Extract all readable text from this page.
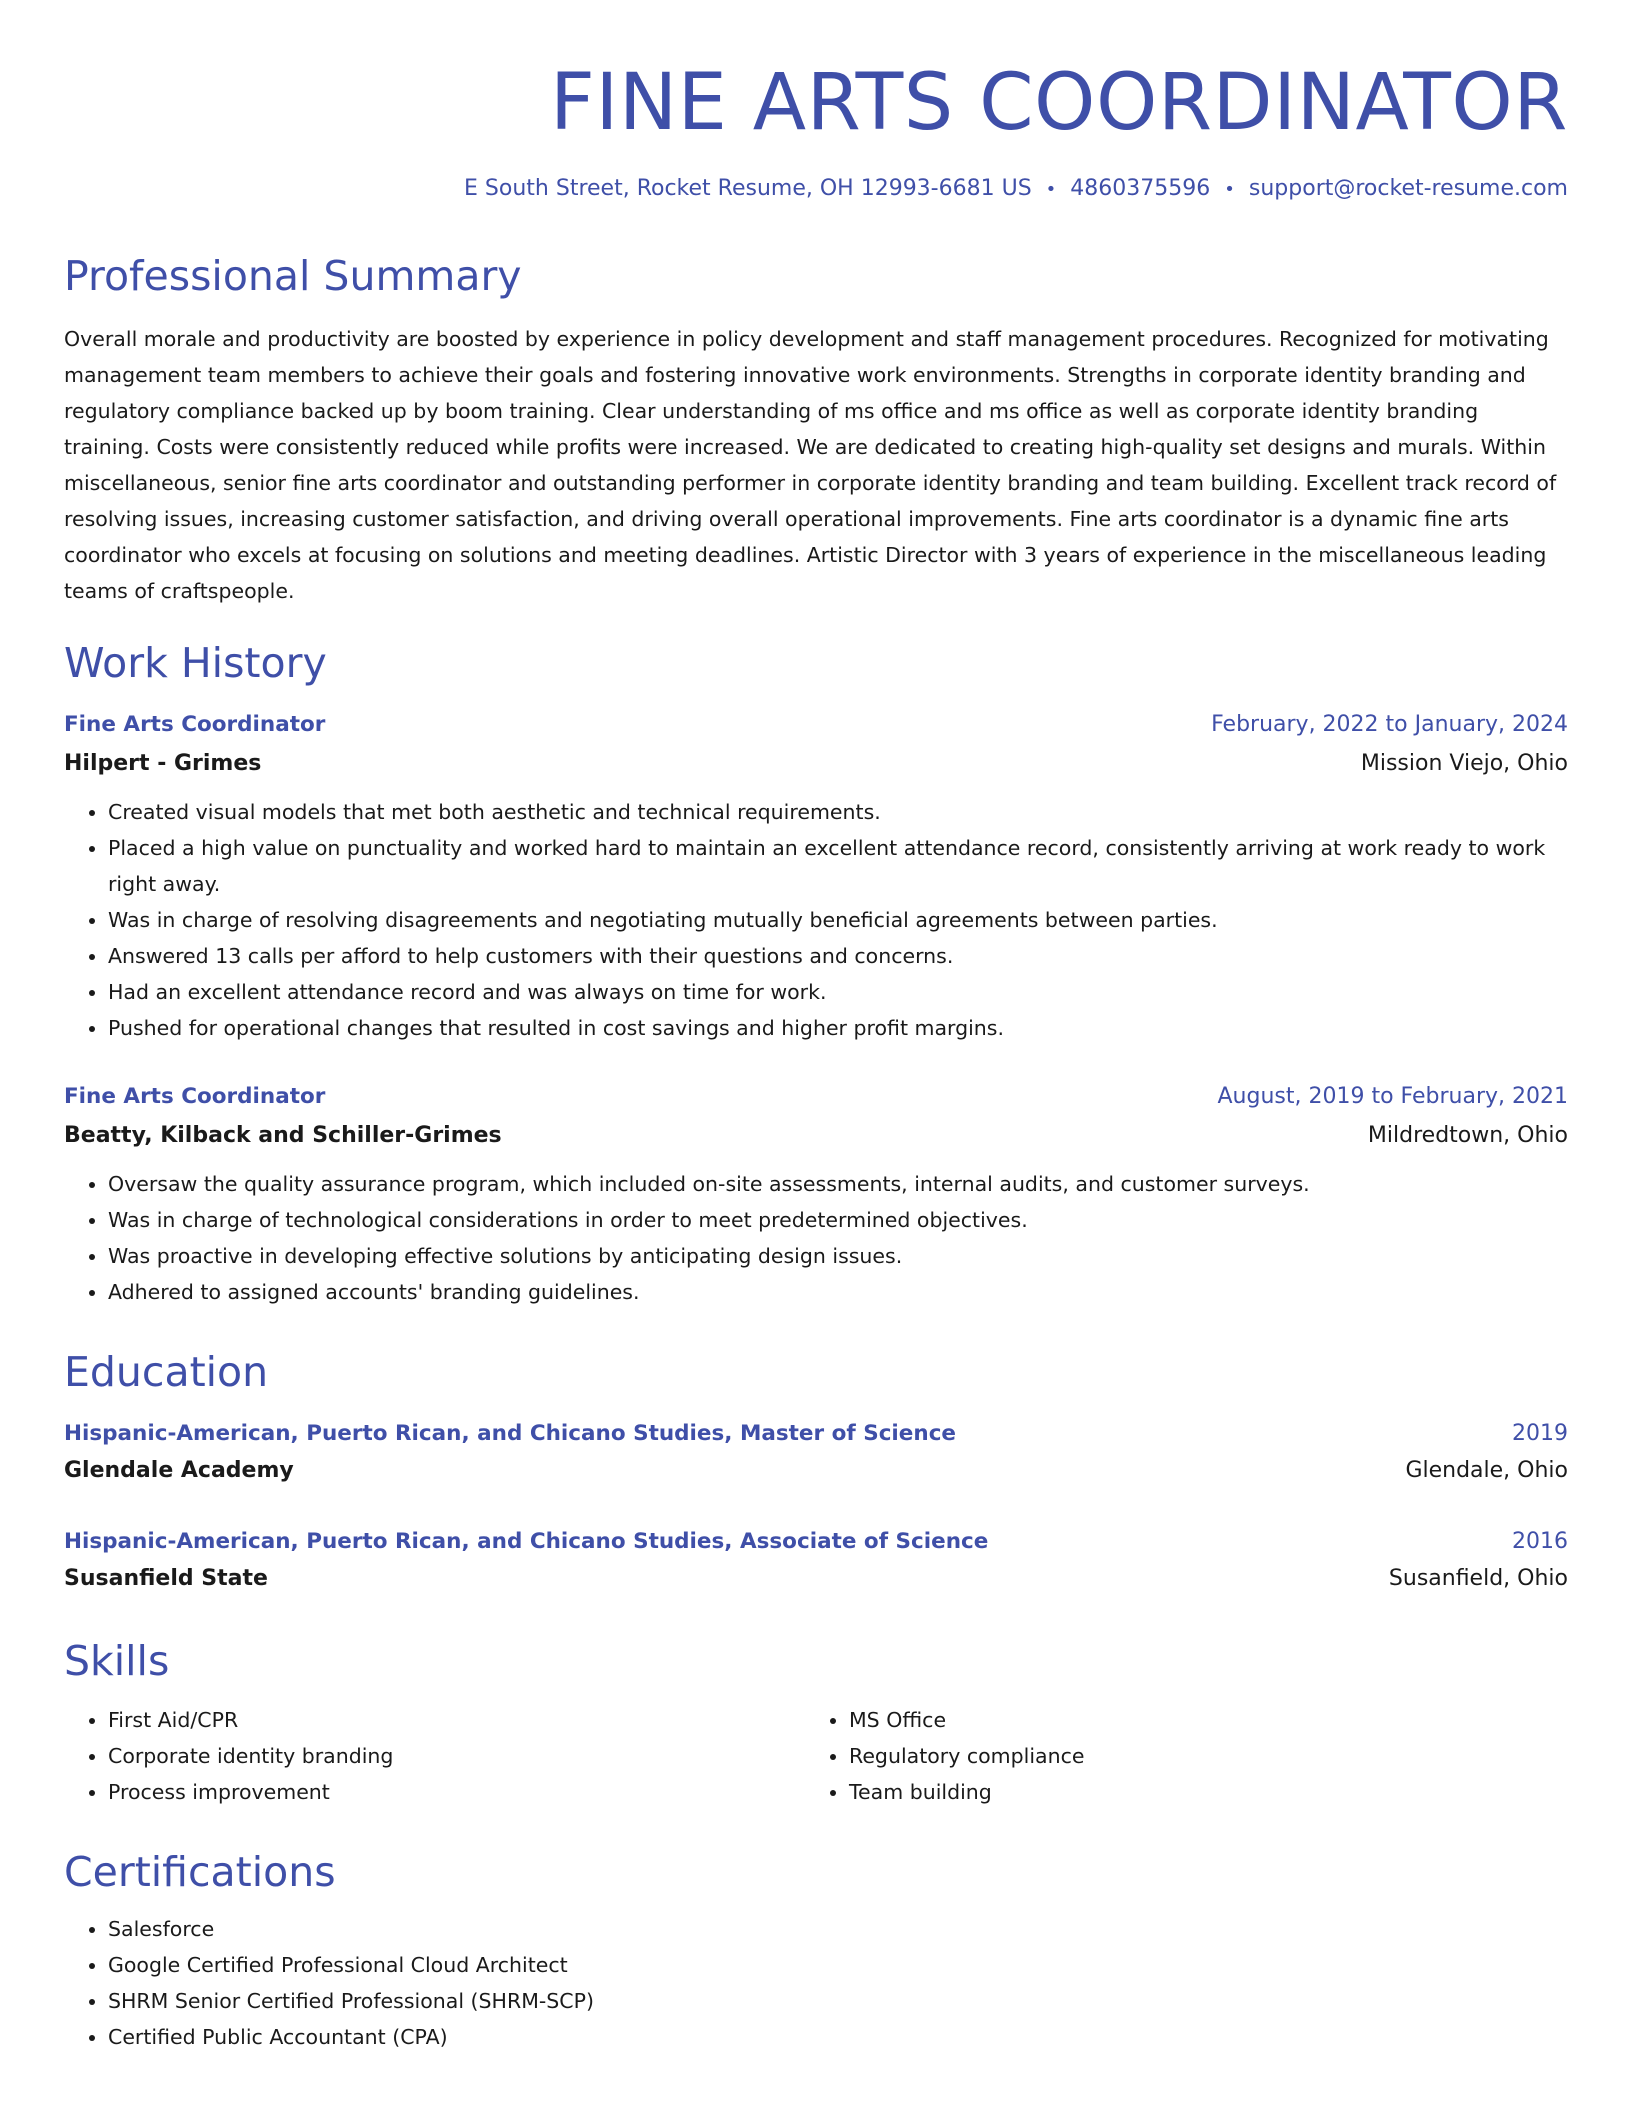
FINE ARTS COORDINATOR
E South Street, Rocket Resume, OH 12993-6681 US • 4860375596 • support@rocket-resume.com
Professional Summary

Overall morale and productivity are boosted by experience in policy development and staff management procedures. Recognized for motivating management team members to achieve their goals and fostering innovative work environments. Strengths in corporate identity branding and regulatory compliance backed up by boom training. Clear understanding of ms office and ms office as well as corporate identity branding training. Costs were consistently reduced while profits were increased. We are dedicated to creating high-quality set designs and murals. Within miscellaneous, senior fine arts coordinator and outstanding performer in corporate identity branding and team building. Excellent track record of resolving issues, increasing customer satisfaction, and driving overall operational improvements. Fine arts coordinator is a dynamic fine arts coordinator who excels at focusing on solutions and meeting deadlines. Artistic Director with 3 years of experience in the miscellaneous leading teams of craftspeople.

Work History
Fine Arts Coordinator	February, 2022 to January, 2024
Hilpert - Grimes	Mission Viejo, Ohio
• Created visual models that met both aesthetic and technical requirements.
• Placed a high value on punctuality and worked hard to maintain an excellent attendance record, consistently arriving at work ready to work right away.
• Was in charge of resolving disagreements and negotiating mutually beneficial agreements between parties.
• Answered 13 calls per afford to help customers with their questions and concerns.
• Had an excellent attendance record and was always on time for work.
• Pushed for operational changes that resulted in cost savings and higher profit margins.
Fine Arts Coordinator	August, 2019 to February, 2021
Beatty, Kilback and Schiller-Grimes	Mildredtown, Ohio
• Oversaw the quality assurance program, which included on-site assessments, internal audits, and customer surveys.
• Was in charge of technological considerations in order to meet predetermined objectives.
• Was proactive in developing effective solutions by anticipating design issues.
• Adhered to assigned accounts' branding guidelines.
Education
Hispanic-American, Puerto Rican, and Chicano Studies, Master of Science	2019
Glendale Academy	Glendale, Ohio
Hispanic-American, Puerto Rican, and Chicano Studies, Associate of Science	2016
Susanfield State	Susanfield, Ohio
Skills
• First Aid/CPR
• Corporate identity branding
• Process improvement
• MS Office
• Regulatory compliance
• Team building
Certifications
• Salesforce
• Google Certified Professional Cloud Architect
• SHRM Senior Certified Professional (SHRM-SCP)
• Certified Public Accountant (CPA)
